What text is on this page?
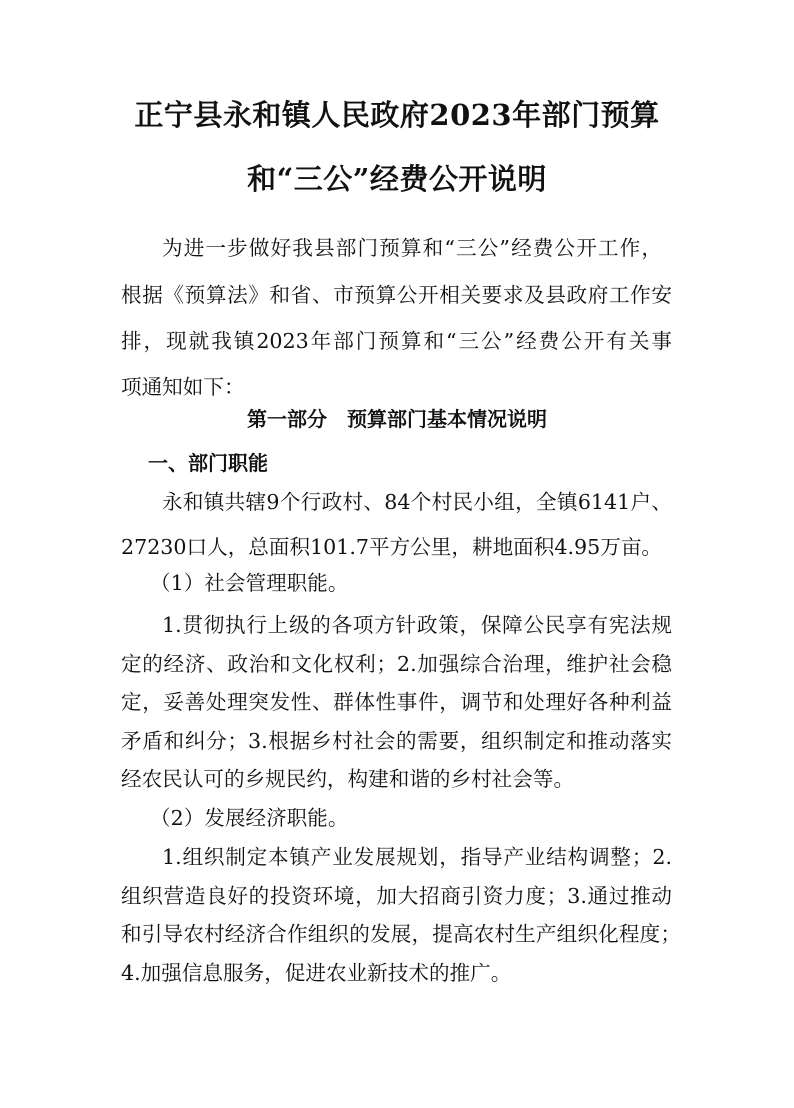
正宁县永和镇人民政府2023年部门预算
和“三公”经费公开说明
为进一步做好我县部门预算和“三公”经费公开工作，
根据《预算法》和省、市预算公开相关要求及县政府工作安
排，现就我镇2023年部门预算和“三公”经费公开有关事
项通知如下：
第一部分　预算部门基本情况说明
一、部门职能
永和镇共辖9个行政村、84个村民小组，全镇6141户、
27230口人，总面积101.7平方公里，耕地面积4.95万亩。
（1）社会管理职能。
1.贯彻执行上级的各项方针政策，保障公民享有宪法规
定的经济、政治和文化权利；2.加强综合治理，维护社会稳
定，妥善处理突发性、群体性事件，调节和处理好各种利益
矛盾和纠分；3.根据乡村社会的需要，组织制定和推动落实
经农民认可的乡规民约，构建和谐的乡村社会等。
（2）发展经济职能。
1.组织制定本镇产业发展规划，指导产业结构调整；2.
组织营造良好的投资环境，加大招商引资力度；3.通过推动
和引导农村经济合作组织的发展，提高农村生产组织化程度；
4.加强信息服务，促进农业新技术的推广。
